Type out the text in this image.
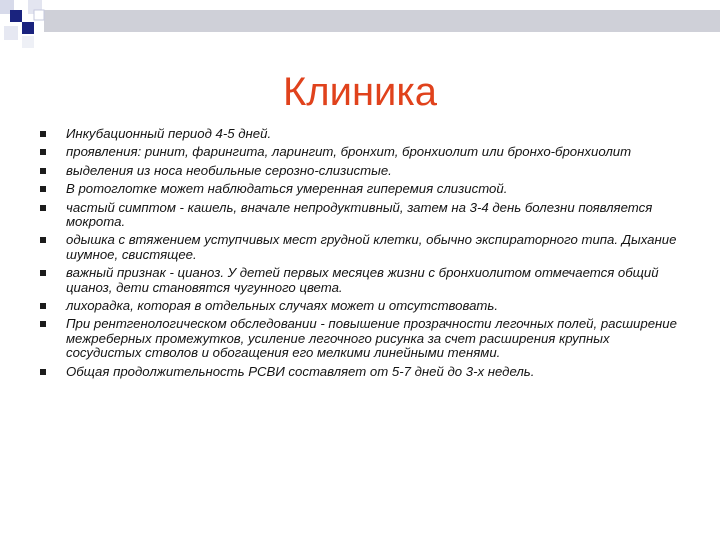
Клиника
Инкубационный период 4-5 дней.
проявления: ринит, фарингита, ларингит, бронхит, бронхиолит или бронхо-бронхиолит
выделения из носа необильные серозно-слизистые.
В ротоглотке может наблюдаться умеренная гиперемия слизистой.
частый симптом - кашель, вначале непродуктивный, затем на 3-4 день болезни появляется мокрота.
одышка с втяжением уступчивых мест грудной клетки, обычно экспираторного типа. Дыхание шумное, свистящее.
важный признак - цианоз. У детей первых месяцев жизни с бронхиолитом отмечается общий цианоз, дети становятся чугунного цвета.
лихорадка, которая в отдельных случаях может и отсутствовать.
При рентгенологическом обследовании - повышение прозрачности легочных полей, расширение межреберных промежутков, усиление легочного рисунка за счет расширения крупных сосудистых стволов и обогащения его мелкими линейными тенями.
Общая продолжительность РСВИ составляет от 5-7 дней до 3-х недель.
